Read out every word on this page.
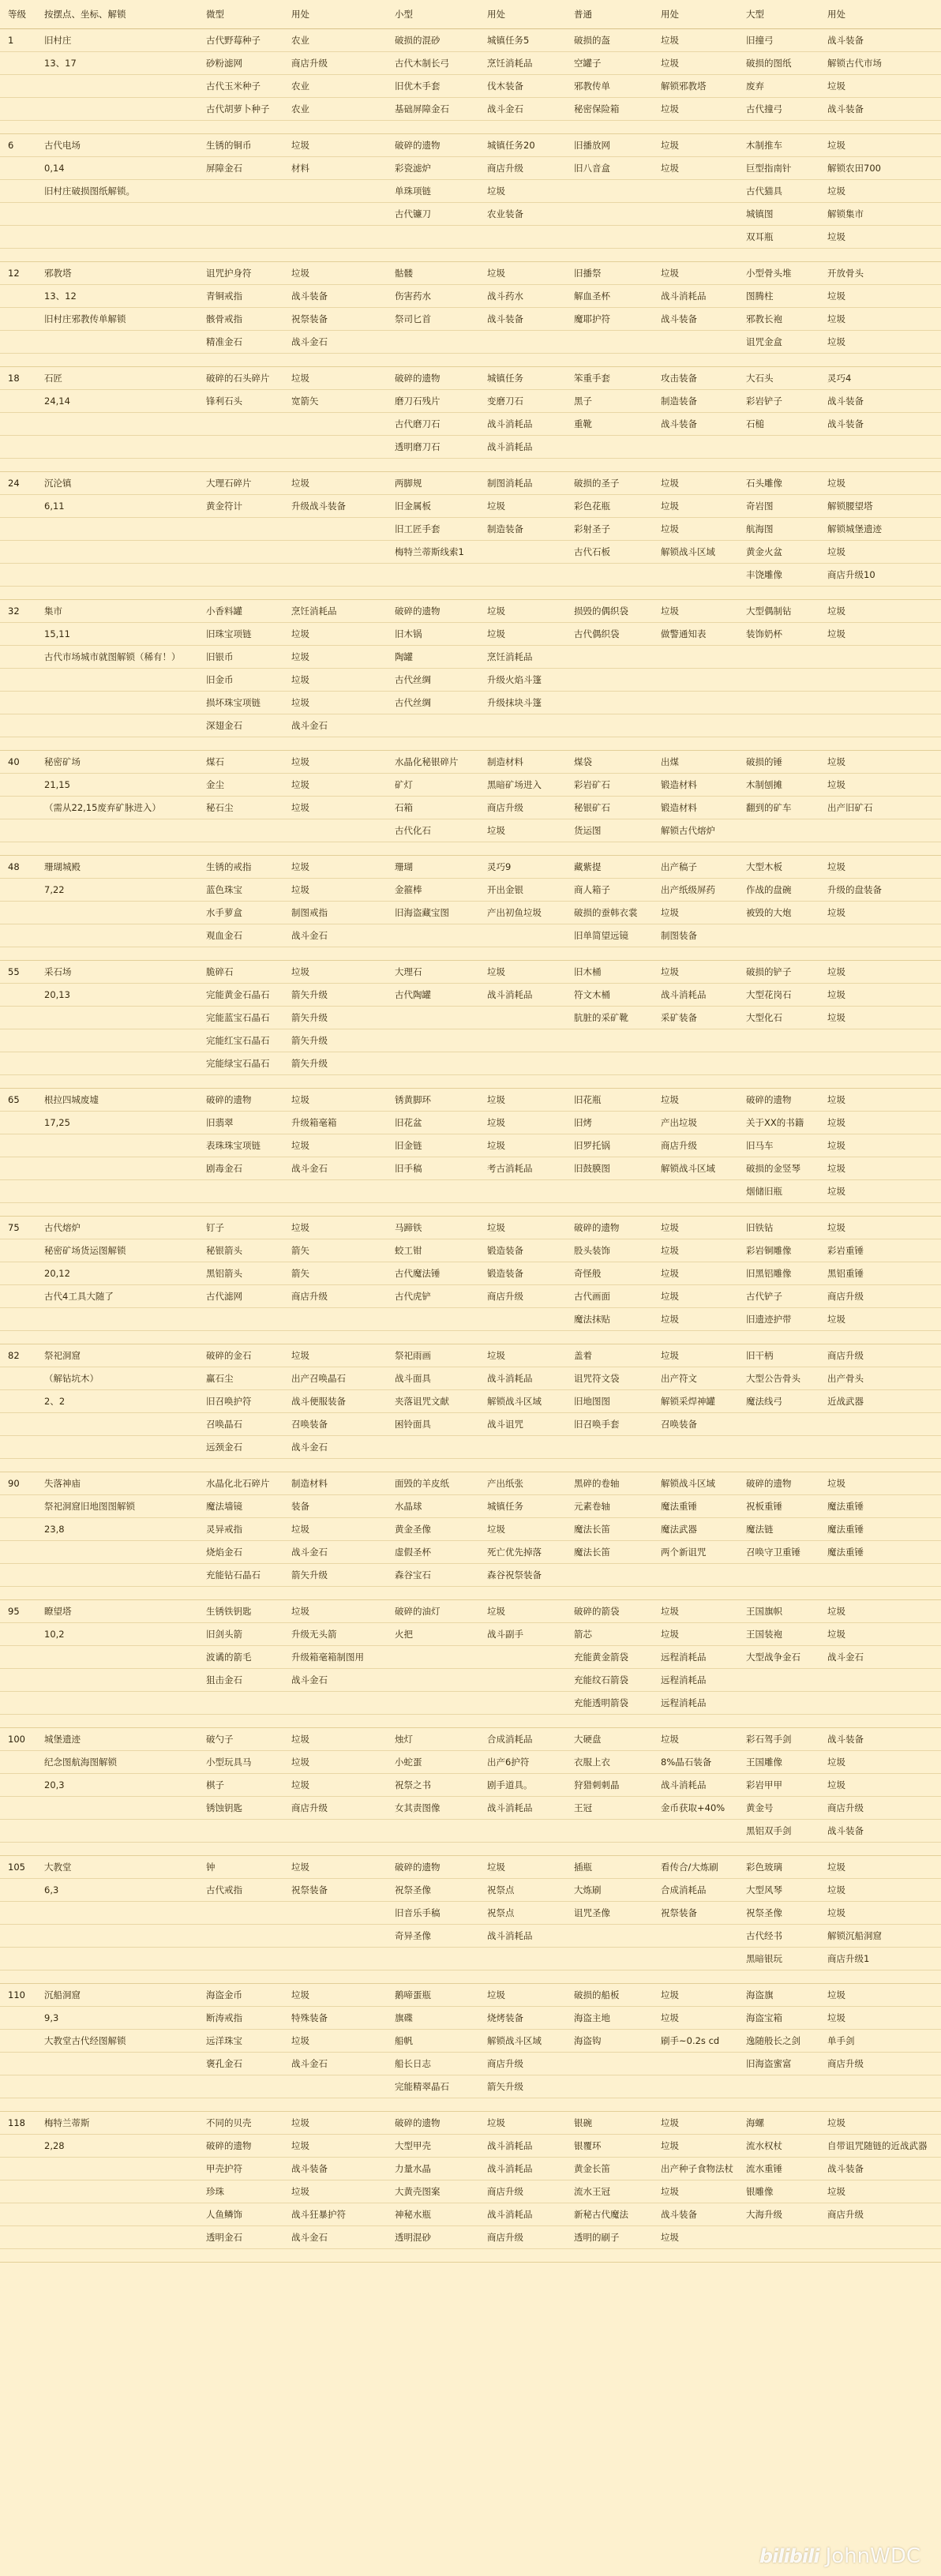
等级	按摆点、坐标、解锁	微型	用处	小型	用处	普通	用处	大型	用处
1	旧村庄	古代野莓种子	农业	破损的混砂	城镇任务5	破损的盔	垃圾	旧撞弓	战斗装备
	13、17	砂粉滤网	商店升级	古代木制长弓	烹饪消耗品	空罐子	垃圾	破损的图纸	解锁古代市场
		古代玉米种子	农业	旧优木手套	伐木装备	邪教传单	解锁邪教塔	废弃	垃圾
		古代胡萝卜种子	农业	基础屏障金石	战斗金石	秘密保险箱	垃圾	古代撞弓	战斗装备

6	古代电场	生锈的铜币	垃圾	破碎的遗物	城镇任务20	旧播放网	垃圾	木制推车	垃圾
	0,14	屏障金石	材料	彩瓷滤炉	商店升级	旧八音盒	垃圾	巨型指南针	解锁农田700
	旧村庄破损图纸解锁。			单珠项链	垃圾			古代猫具	垃圾
				古代镰刀	农业装备			城镇图	解锁集市
								双耳瓶	垃圾

12	邪教塔	诅咒护身符	垃圾	骷髅	垃圾	旧播祭	垃圾	小型骨头堆	开放骨头
	13、12	青铜戒指	战斗装备	伤害药水	战斗药水	解血圣杯	战斗消耗品	图腾柱	垃圾
	旧村庄邪教传单解锁	骸骨戒指	祝祭装备	祭司匕首	战斗装备	魔耶护符	战斗装备	邪教长袍	垃圾
		精准金石	战斗金石					诅咒金盒	垃圾

18	石匠	破碎的石头碎片	垃圾	破碎的遗物	城镇任务	笨重手套	攻击装备	大石头	灵巧4
	24,14	锋利石头	宽箭矢	磨刀石残片	变磨刀石	黑子	制造装备	彩岩铲子	战斗装备
				古代磨刀石	战斗消耗品	重靴	战斗装备	石槌	战斗装备
				透明磨刀石	战斗消耗品				

24	沉沦镇	大理石碎片	垃圾	两脚规	制图消耗品	破损的圣子	垃圾	石头雕像	垃圾
	6,11	黄金符计	升级战斗装备	旧金属板	垃圾	彩色花瓶	垃圾	奇岩图	解锁腰望塔
				旧工匠手套	制造装备	彩射圣子	垃圾	航海图	解锁城堡遗迹
				梅特兰蒂斯线索1		古代石板	解锁战斗区域	黄金火盆	垃圾
								丰饶雕像	商店升级10

32	集市	小香料罐	烹饪消耗品	破碎的遗物	垃圾	损毁的偶织袋	垃圾	大型偶制钻	垃圾
	15,11	旧珠宝项链	垃圾	旧木锅	垃圾	古代偶织袋	做警通知表	装饰奶杯	垃圾
	古代市场城市就图解锁（稀有！）	旧银币	垃圾	陶罐	烹饪消耗品				
		旧金币	垃圾	古代丝绸	升级火焰斗篷				
		损坏珠宝项链	垃圾	古代丝绸	升级抹块斗篷				
		深翅金石	战斗金石						

40	秘密矿场	煤石	垃圾	水晶化秘银碎片	制造材料	煤袋	出煤	破损的锤	垃圾
	21,15	金尘	垃圾	矿灯	黑暗矿场进入	彩岩矿石	锻造材料	木制刨摊	垃圾
	（需从22,15废弃矿脉进入）	秘石尘	垃圾	石箱	商店升级	秘银矿石	锻造材料	翻到的矿车	出产旧矿石
				古代化石	垃圾	货运图	解锁古代熔炉		

48	珊瑚城殿	生锈的戒指	垃圾	珊瑚	灵巧9	藏紫提	出产稿子	大型木板	垃圾
	7,22	蓝色珠宝	垃圾	金箍棒	开出金银	商人箱子	出产纸级屏药	作战的盘碗	升级的盘装备
		水手萝盒	制图戒指	旧海盗藏宝图	产出初鱼垃圾	破损的蚕韩衣裳	垃圾	被毁的大炮	垃圾
		观血金石	战斗金石			旧单简望远镜	制图装备		

55	采石场	脆碎石	垃圾	大理石	垃圾	旧木桶	垃圾	破损的铲子	垃圾
	20,13	完能黄金石晶石	箭矢升级	古代陶罐	战斗消耗品	符文木桶	战斗消耗品	大型花岗石	垃圾
		完能蓝宝石晶石	箭矢升级			肮脏的采矿靴	采矿装备	大型化石	垃圾
		完能红宝石晶石	箭矢升级						
		完能绿宝石晶石	箭矢升级						

65	根拉四城废墟	破碎的遗物	垃圾	锈黄脚环	垃圾	旧花瓶	垃圾	破碎的遗物	垃圾
	17,25	旧翡翠	升级箱毫箱	旧花盆	垃圾	旧烤	产出垃圾	关于XX的书籍	垃圾
		表珠珠宝项链	垃圾	旧金链	垃圾	旧罗托锅	商店升级	旧马车	垃圾
		剧毒金石	战斗金石	旧手稿	考古消耗品	旧鼓膜图	解锁战斗区域	破损的金竖琴	垃圾
								烟储旧瓶	垃圾

75	古代熔炉	钉子	垃圾	马蹄铁	垃圾	破碎的遗物	垃圾	旧铁钻	垃圾
	秘密矿场货运图解锁	秘银箭头	箭矢	蛟工钳	锻造装备	股头装饰	垃圾	彩岩铜雕像	彩岩重锤
	20,12	黑铝箭头	箭矢	古代魔法锤	锻造装备	奇怪般	垃圾	旧黑铝雕像	黑铝重锤
	古代4工具大随了	古代滤网	商店升级	古代虎铲	商店升级	古代画面	垃圾	古代铲子	商店升级
						魔法抹贴	垃圾	旧遗迹护带	垃圾

82	祭祀洞窟	破碎的金石	垃圾	祭祀雨画	垃圾	盖着	垃圾	旧干柄	商店升级
	（解钻坑木）	赢石尘	出产召唤晶石	战斗面具	战斗消耗品	诅咒符文袋	出产符文	大型公告骨头	出产骨头
	2、2	旧召唤护符	战斗便服装备	夹落诅咒文献	解锁战斗区域	旧地图图	解锁采焊神罐	魔法线弓	近战武器
		召唤晶石	召唤装备	困铃面具	战斗诅咒	旧召唤手套	召唤装备		
		远颈金石	战斗金石						

90	失落神庙	水晶化北石碎片	制造材料	面毁的羊皮纸	产出纸张	黑碎的卷轴	解锁战斗区域	破碎的遗物	垃圾
	祭祀洞窟旧地图图解锁	魔法墙镜	装备	水晶球	城镇任务	元素卷轴	魔法重锤	祝板重锤	魔法重锤
	23,8	灵异戒指	垃圾	黄金圣像	垃圾	魔法长笛	魔法武器	魔法链	魔法重锤
		烧焰金石	战斗金石	虚假圣杯	死亡优先掉落	魔法长笛	两个新诅咒	召唤守卫重锤	魔法重锤
		充能钻石晶石	箭矢升级	森谷宝石	森谷祝祭装备				

95	瞭望塔	生锈铁钥匙	垃圾	破碎的油灯	垃圾	破碎的箭袋	垃圾	王国旗帜	垃圾
	10,2	旧剑头箭	升级无头箭	火把	战斗副手	箭芯	垃圾	王国装袍	垃圾
		波谲的箭毛	升级箱毫箱制图用			充能黄金箭袋	远程消耗品	大型战争金石	战斗金石
		狙击金石	战斗金石			充能纹石箭袋	远程消耗品		
						充能透明箭袋	远程消耗品		

100	城堡遗迹	破勺子	垃圾	烛灯	合成消耗品	大硬盘	垃圾	彩石驾手剑	战斗装备
	纪念图航海图解锁	小型玩具马	垃圾	小蛇蛋	出产6护符	衣服上衣	8%晶石装备	王国雕像	垃圾
	20,3	棋子	垃圾	祝祭之书	剧手道具。	狩猎刺刺晶	战斗消耗品	彩岩甲甲	垃圾
		锈蚀钥匙	商店升级	女其责图像	战斗消耗品	王冠	金币获取+40%	黄金号	商店升级
								黑铝双手剑	战斗装备

105	大教堂	钟	垃圾	破碎的遗物	垃圾	插瓶	看传合/大炼刷	彩色玻璃	垃圾
	6,3	古代戒指	祝祭装备	祝祭圣像	祝祭点	大炼刷	合成消耗品	大型风琴	垃圾
				旧音乐手稿	祝祭点	诅咒圣像	祝祭装备	祝祭圣像	垃圾
				奇异圣像	战斗消耗品			古代经书	解锁沉船洞窟
								黑暗银玩	商店升级1

110	沉船洞窟	海盗金币	垃圾	鹅啼蛋瓶	垃圾	破损的船板	垃圾	海盗旗	垃圾
	9,3	断涛戒指	特殊装备	旗碟	烧烤装备	海盗主地	垃圾	海盗宝箱	垃圾
	大教堂古代经图解锁	远洋珠宝	垃圾	船帆	解锁战斗区域	海盗钩	刷手~0.2s cd	逸随般长之剑	单手剑
		褒孔金石	战斗金石	船长日志	商店升级			旧海盗蜜富	商店升级
				完能精翠晶石	箭矢升级				

118	梅特兰蒂斯	不同的贝壳	垃圾	破碎的遗物	垃圾	银碗	垃圾	海螺	垃圾
	2,28	破碎的遗物	垃圾	大型甲壳	战斗消耗品	银覆环	垃圾	流水权杖	自带诅咒随链的近战武器
		甲壳护符	战斗装备	力量水晶	战斗消耗品	黄金长笛	出产种子食物法杖	流水重锤	战斗装备
		珍珠	垃圾	大黄壳图案	商店升级	流水王冠	垃圾	银雕像	垃圾
		人鱼鳞饰	战斗狂暴护符	神秘水瓶	战斗消耗品	新秘古代魔法	战斗装备	大海升级	商店升级
		透明金石	战斗金石	透明混砂	商店升级	透明的刷子	垃圾		

bilibili JohnWDC
